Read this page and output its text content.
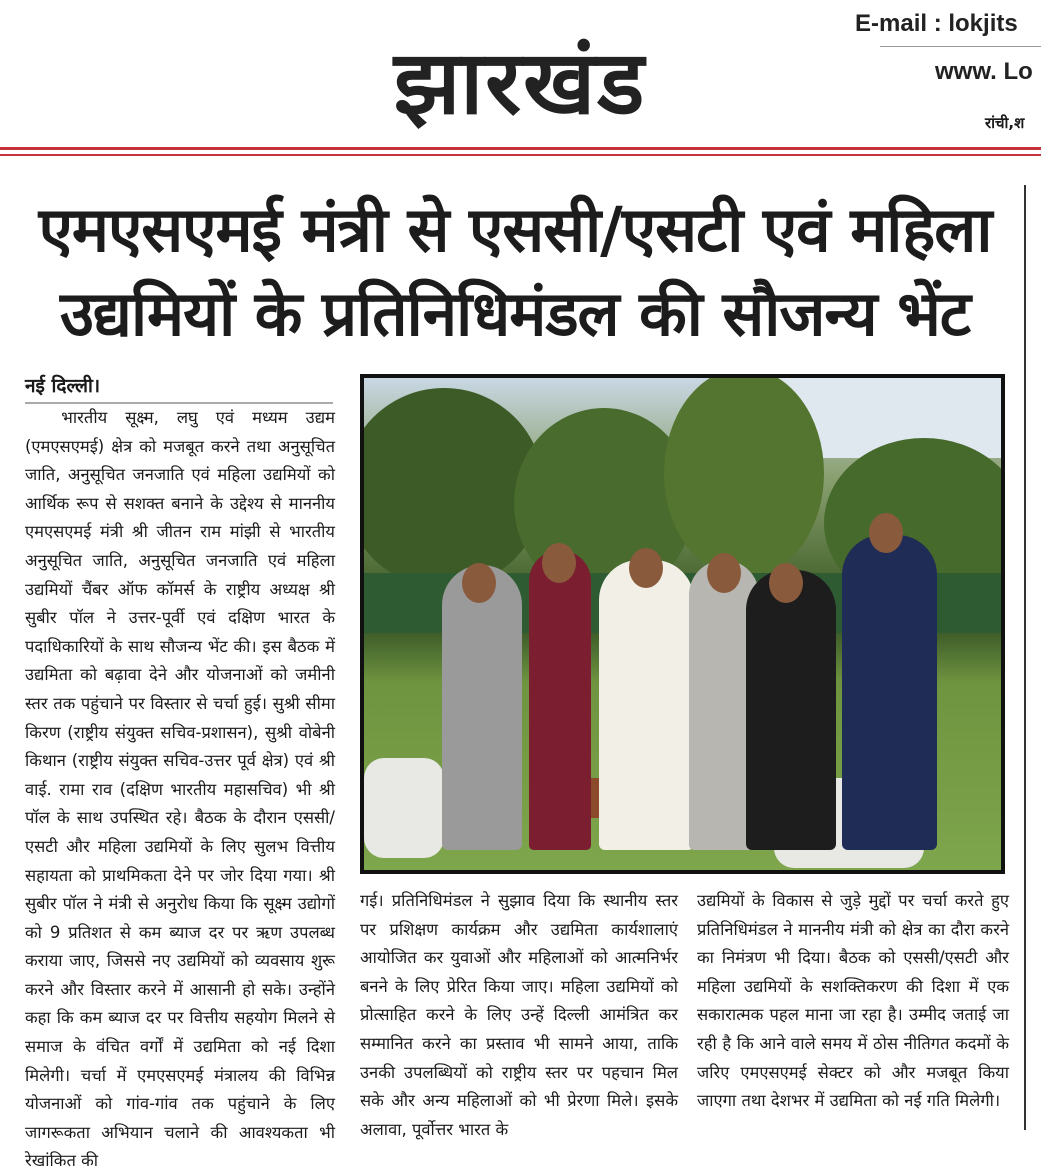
झारखंड
E-mail : lokjits
www. Lo
रांची,श
एमएसएमई मंत्री से एससी/एसटी एवं महिला
उद्यमियों के प्रतिनिधिमंडल की सौजन्य भेंट
नई दिल्ली।
भारतीय सूक्ष्म, लघु एवं मध्यम उद्यम (एमएसएमई) क्षेत्र को मजबूत करने तथा अनुसूचित जाति, अनुसूचित जनजाति एवं महिला उद्यमियों को आर्थिक रूप से सशक्त बनाने के उद्देश्य से माननीय एमएसएमई मंत्री श्री जीतन राम मांझी से भारतीय अनुसूचित जाति, अनुसूचित जनजाति एवं महिला उद्यमियों चैंबर ऑफ कॉमर्स के राष्ट्रीय अध्यक्ष श्री सुबीर पॉल ने उत्तर-पूर्वी एवं दक्षिण भारत के पदाधिकारियों के साथ सौजन्य भेंट की। इस बैठक में उद्यमिता को बढ़ावा देने और योजनाओं को जमीनी स्तर तक पहुंचाने पर विस्तार से चर्चा हुई। सुश्री सीमा किरण (राष्ट्रीय संयुक्त सचिव-प्रशासन), सुश्री वोबेनी किथान (राष्ट्रीय संयुक्त सचिव-उत्तर पूर्व क्षेत्र) एवं श्री वाई. रामा राव (दक्षिण भारतीय महासचिव) भी श्री पॉल के साथ उपस्थित रहे। बैठक के दौरान एससी/एसटी और महिला उद्यमियों के लिए सुलभ वित्तीय सहायता को प्राथमिकता देने पर जोर दिया गया। श्री सुबीर पॉल ने मंत्री से अनुरोध किया कि सूक्ष्म उद्योगों को 9 प्रतिशत से कम ब्याज दर पर ऋण उपलब्ध कराया जाए, जिससे नए उद्यमियों को व्यवसाय शुरू करने और विस्तार करने में आसानी हो सके। उन्होंने कहा कि कम ब्याज दर पर वित्तीय सहयोग मिलने से समाज के वंचित वर्गों में उद्यमिता को नई दिशा मिलेगी। चर्चा में एमएसएमई मंत्रालय की विभिन्न योजनाओं को गांव-गांव तक पहुंचाने के लिए जागरूकता अभियान चलाने की आवश्यकता भी रेखांकित की
गई। प्रतिनिधिमंडल ने सुझाव दिया कि स्थानीय स्तर पर प्रशिक्षण कार्यक्रम और उद्यमिता कार्यशालाएं आयोजित कर युवाओं और महिलाओं को आत्मनिर्भर बनने के लिए प्रेरित किया जाए। महिला उद्यमियों को प्रोत्साहित करने के लिए उन्हें दिल्ली आमंत्रित कर सम्मानित करने का प्रस्ताव भी सामने आया, ताकि उनकी उपलब्धियों को राष्ट्रीय स्तर पर पहचान मिल सके और अन्य महिलाओं को भी प्रेरणा मिले। इसके अलावा, पूर्वोत्तर भारत के
उद्यमियों के विकास से जुड़े मुद्दों पर चर्चा करते हुए प्रतिनिधिमंडल ने माननीय मंत्री को क्षेत्र का दौरा करने का निमंत्रण भी दिया। बैठक को एससी/एसटी और महिला उद्यमियों के सशक्तिकरण की दिशा में एक सकारात्मक पहल माना जा रहा है। उम्मीद जताई जा रही है कि आने वाले समय में ठोस नीतिगत कदमों के जरिए एमएसएमई सेक्टर को और मजबूत किया जाएगा तथा देशभर में उद्यमिता को नई गति मिलेगी।
